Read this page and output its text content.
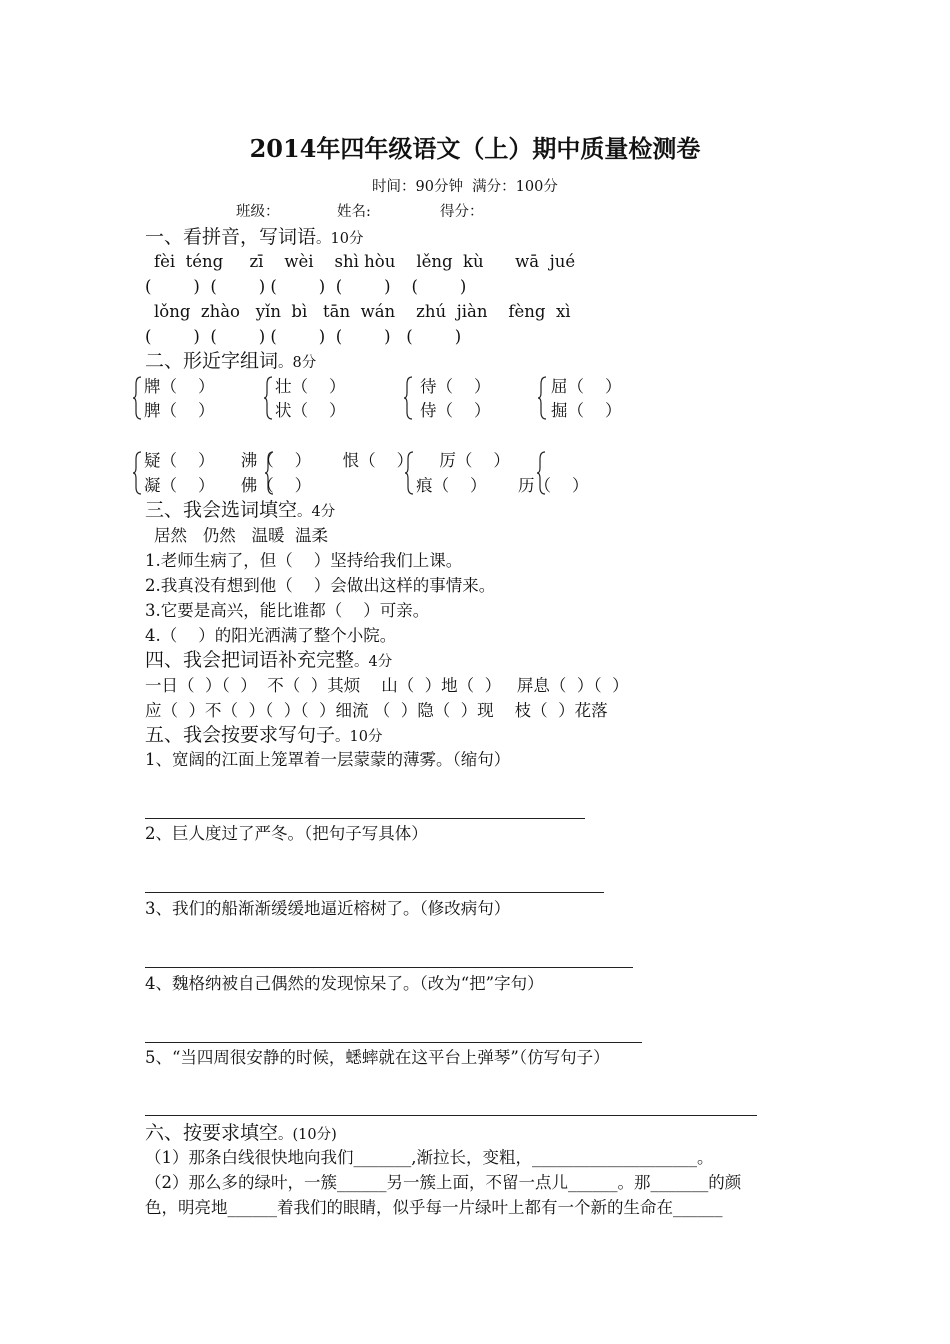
2014年四年级语文（上）期中质量检测卷
时间：90分钟  满分：100分
班级：	姓名:	得分：
一、看拼音，写词语。10分
fèi  téng     zī    wèi    shì hòu    lěng  kù      wā  jué
(        )  (        ) (        )  (        )    (        )
lǒng  zhào   yǐn  bì   tān  wán    zhú  jiàn    fèng  xì
(        )  (        ) (        )  (        )   (        )
二、形近字组词。8分
牌（    ）
脾（    ）
壮（    ）
状（    ）
待（    ）
侍（    ）
屈（    ）
掘（    ）
疑（    ）     沸（    ）      恨（    ）     厉（    ）
凝（    ）     佛（    ）                    痕（    ）      历（    ）
三、我会选词填空。4分
居然   仍然   温暖  温柔
1.老师生病了，但（    ）坚持给我们上课。
2.我真没有想到他（    ）会做出这样的事情来。
3.它要是高兴，能比谁都（    ）可亲。
4.（    ）的阳光洒满了整个小院。
四、我会把词语补充完整。4分
一日（  ）（  ）  不（  ）其烦    山（  ）地（  ）   屏息（  ）（  ）
应（  ）不（  ）（  ）（  ）细流 （  ）隐（  ）现    枝（  ）花落
五、我会按要求写句子。10分
1、宽阔的江面上笼罩着一层蒙蒙的薄雾。（缩句）
2、巨人度过了严冬。（把句子写具体）
3、我们的船渐渐缓缓地逼近榕树了。（修改病句）
4、魏格纳被自己偶然的发现惊呆了。（改为“把”字句）
5、“当四周很安静的时候，蟋蟀就在这平台上弹琴”（仿写句子）
六、按要求填空。(10分)
（1）那条白线很快地向我们_______,渐拉长，变粗，____________________。
（2）那么多的绿叶，一簇______另一簇上面，不留一点儿______。那_______的颜
色，明亮地______着我们的眼睛，似乎每一片绿叶上都有一个新的生命在______
